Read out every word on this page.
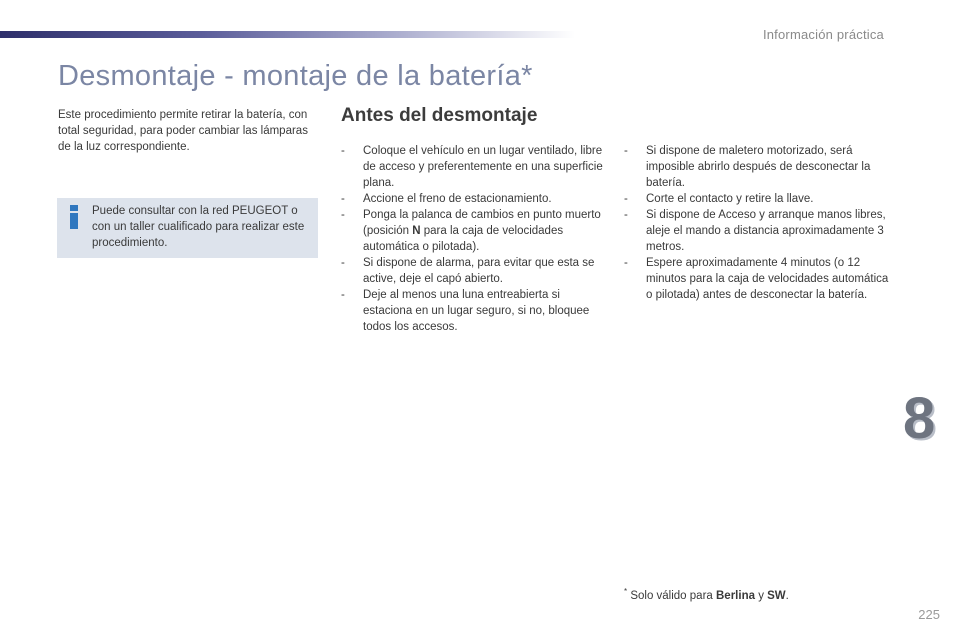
Información práctica
Desmontaje - montaje de la batería*

Este procedimiento permite retirar la batería, con total seguridad, para poder cambiar las lámparas de la luz correspondiente.

Puede consultar con la red PEUGEOT o con un taller cualificado para realizar este procedimiento.

Antes del desmontaje
- Coloque el vehículo en un lugar ventilado, libre de acceso y preferentemente en una superficie plana.
- Accione el freno de estacionamiento.
- Ponga la palanca de cambios en punto muerto (posición N para la caja de velocidades automática o pilotada).
- Si dispone de alarma, para evitar que esta se active, deje el capó abierto.
- Deje al menos una luna entreabierta si estaciona en un lugar seguro, si no, bloquee todos los accesos.
- Si dispone de maletero motorizado, será imposible abrirlo después de desconectar la batería.
- Corte el contacto y retire la llave.
- Si dispone de Acceso y arranque manos libres, aleje el mando a distancia aproximadamente 3 metros.
- Espere aproximadamente 4 minutos (o 12 minutos para la caja de velocidades automática o pilotada) antes de desconectar la batería.

* Solo válido para Berlina y SW.

8
225
